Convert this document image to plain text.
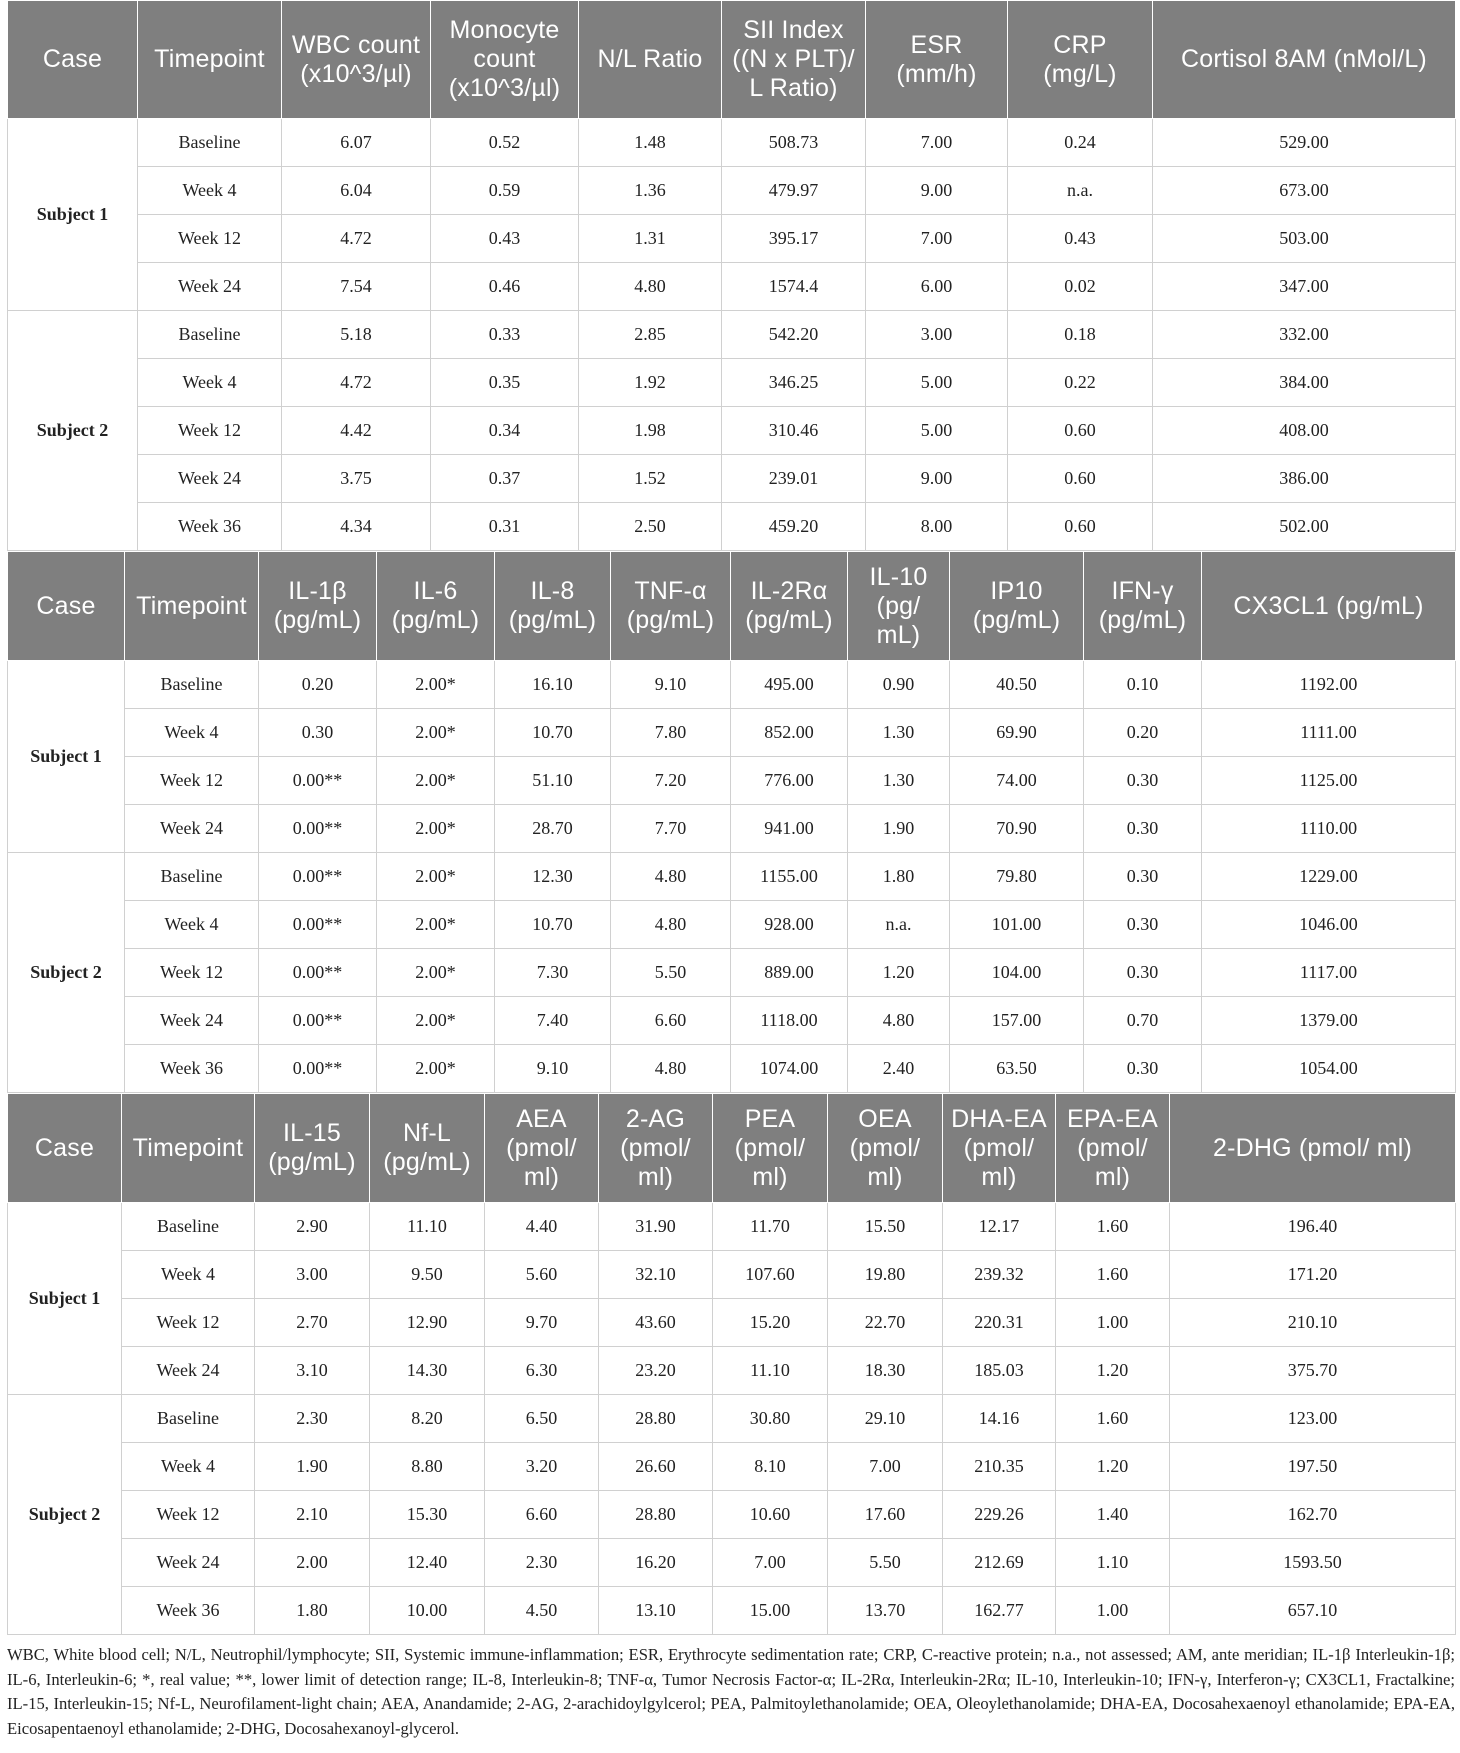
Case	Timepoint	WBC count (x10^3/µl)	Monocyte count (x10^3/µl)	N/L Ratio	SII Index ((N x PLT)/ L Ratio)	ESR (mm/h)	CRP (mg/L)	Cortisol 8AM (nMol/L)
Subject 1	Baseline	6.07	0.52	1.48	508.73	7.00	0.24	529.00
	Week 4	6.04	0.59	1.36	479.97	9.00	n.a.	673.00
	Week 12	4.72	0.43	1.31	395.17	7.00	0.43	503.00
	Week 24	7.54	0.46	4.80	1574.4	6.00	0.02	347.00
Subject 2	Baseline	5.18	0.33	2.85	542.20	3.00	0.18	332.00
	Week 4	4.72	0.35	1.92	346.25	5.00	0.22	384.00
	Week 12	4.42	0.34	1.98	310.46	5.00	0.60	408.00
	Week 24	3.75	0.37	1.52	239.01	9.00	0.60	386.00
	Week 36	4.34	0.31	2.50	459.20	8.00	0.60	502.00
Case	Timepoint	IL-1β (pg/mL)	IL-6 (pg/mL)	IL-8 (pg/mL)	TNF-α (pg/mL)	IL-2Rα (pg/mL)	IL-10 (pg/ mL)	IP10 (pg/mL)	IFN-γ (pg/mL)	CX3CL1 (pg/mL)
Subject 1	Baseline	0.20	2.00*	16.10	9.10	495.00	0.90	40.50	0.10	1192.00
	Week 4	0.30	2.00*	10.70	7.80	852.00	1.30	69.90	0.20	1111.00
	Week 12	0.00**	2.00*	51.10	7.20	776.00	1.30	74.00	0.30	1125.00
	Week 24	0.00**	2.00*	28.70	7.70	941.00	1.90	70.90	0.30	1110.00
Subject 2	Baseline	0.00**	2.00*	12.30	4.80	1155.00	1.80	79.80	0.30	1229.00
	Week 4	0.00**	2.00*	10.70	4.80	928.00	n.a.	101.00	0.30	1046.00
	Week 12	0.00**	2.00*	7.30	5.50	889.00	1.20	104.00	0.30	1117.00
	Week 24	0.00**	2.00*	7.40	6.60	1118.00	4.80	157.00	0.70	1379.00
	Week 36	0.00**	2.00*	9.10	4.80	1074.00	2.40	63.50	0.30	1054.00
Case	Timepoint	IL-15 (pg/mL)	Nf-L (pg/mL)	AEA (pmol/ ml)	2-AG (pmol/ ml)	PEA (pmol/ ml)	OEA (pmol/ ml)	DHA-EA (pmol/ ml)	EPA-EA (pmol/ ml)	2-DHG (pmol/ ml)
Subject 1	Baseline	2.90	11.10	4.40	31.90	11.70	15.50	12.17	1.60	196.40
	Week 4	3.00	9.50	5.60	32.10	107.60	19.80	239.32	1.60	171.20
	Week 12	2.70	12.90	9.70	43.60	15.20	22.70	220.31	1.00	210.10
	Week 24	3.10	14.30	6.30	23.20	11.10	18.30	185.03	1.20	375.70
Subject 2	Baseline	2.30	8.20	6.50	28.80	30.80	29.10	14.16	1.60	123.00
	Week 4	1.90	8.80	3.20	26.60	8.10	7.00	210.35	1.20	197.50
	Week 12	2.10	15.30	6.60	28.80	10.60	17.60	229.26	1.40	162.70
	Week 24	2.00	12.40	2.30	16.20	7.00	5.50	212.69	1.10	1593.50
	Week 36	1.80	10.00	4.50	13.10	15.00	13.70	162.77	1.00	657.10
WBC, White blood cell; N/L, Neutrophil/lymphocyte; SII, Systemic immune-inflammation; ESR, Erythrocyte sedimentation rate; CRP, C-reactive protein; n.a., not assessed; AM, ante meridian; IL-1β Interleukin-1β; IL-6, Interleukin-6; *, real value; **, lower limit of detection range; IL-8, Interleukin-8; TNF-α, Tumor Necrosis Factor-α; IL-2Rα, Interleukin-2Rα; IL-10, Interleukin-10; IFN-γ, Interferon-γ; CX3CL1, Fractalkine; IL-15, Interleukin-15; Nf-L, Neurofilament-light chain; AEA, Anandamide; 2-AG, 2-arachidoylgylcerol; PEA, Palmitoylethanolamide; OEA, Oleoylethanolamide; DHA-EA, Docosahexaenoyl ethanolamide; EPA-EA, Eicosapentaenoyl ethanolamide; 2-DHG, Docosahexanoyl-glycerol.
